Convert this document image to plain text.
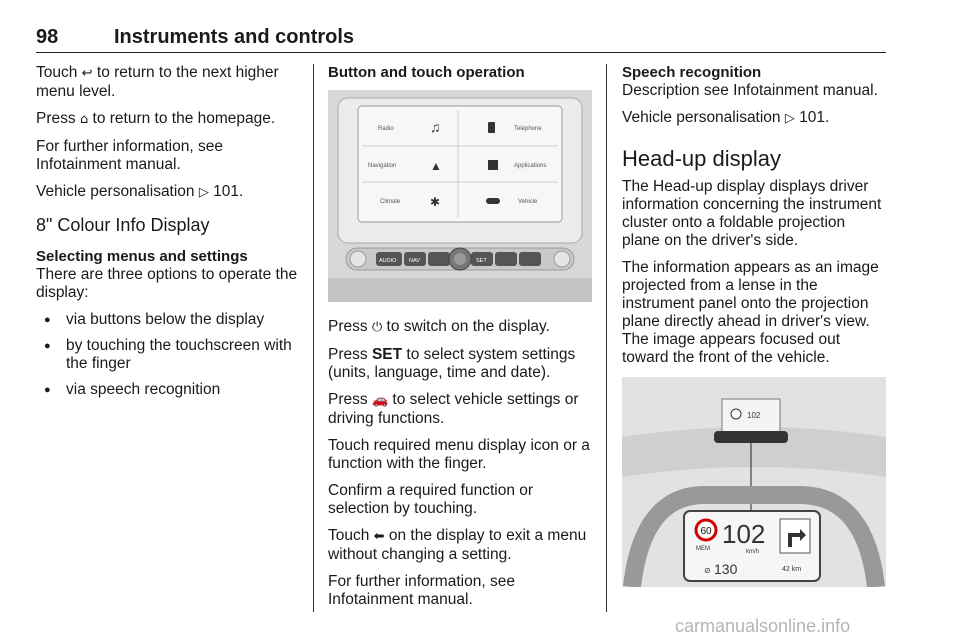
98	Instruments and controls

Touch ↩ to return to the next higher menu level.

Press ⌂ to return to the homepage.

For further information, see Infotainment manual.

Vehicle personalisation ▷ 101.

8" Colour Info Display
Selecting menus and settings

There are three options to operate the display:

● via buttons below the display
● by touching the touchscreen with the finger
● via speech recognition
Button and touch operation
Radio	♫	Telephone
Navigation	▲	Applications
Climate ✱	Vehicle
AUDIO NAV	SET

Press ⏻ to switch on the display.

Press SET to select system settings (units, language, time and date).

Press 🚗 to select vehicle settings or driving functions.

Touch required menu display icon or a function with the finger.

Confirm a required function or selection by touching.

Touch ⬅ on the display to exit a menu without changing a setting.

For further information, see Infotainment manual.

Speech recognition

Description see Infotainment manual.

Vehicle personalisation ▷ 101.

Head-up display

The Head-up display displays driver information concerning the instrument cluster onto a foldable projection plane on the driver's side.

The information appears as an image projected from a lense in the instrument panel onto the projection plane directly ahead in driver's view. The image appears focused out toward the front of the vehicle.

102
60
MEM 102
km/h
⊘ 130	42 km
carmanualsonline.info
